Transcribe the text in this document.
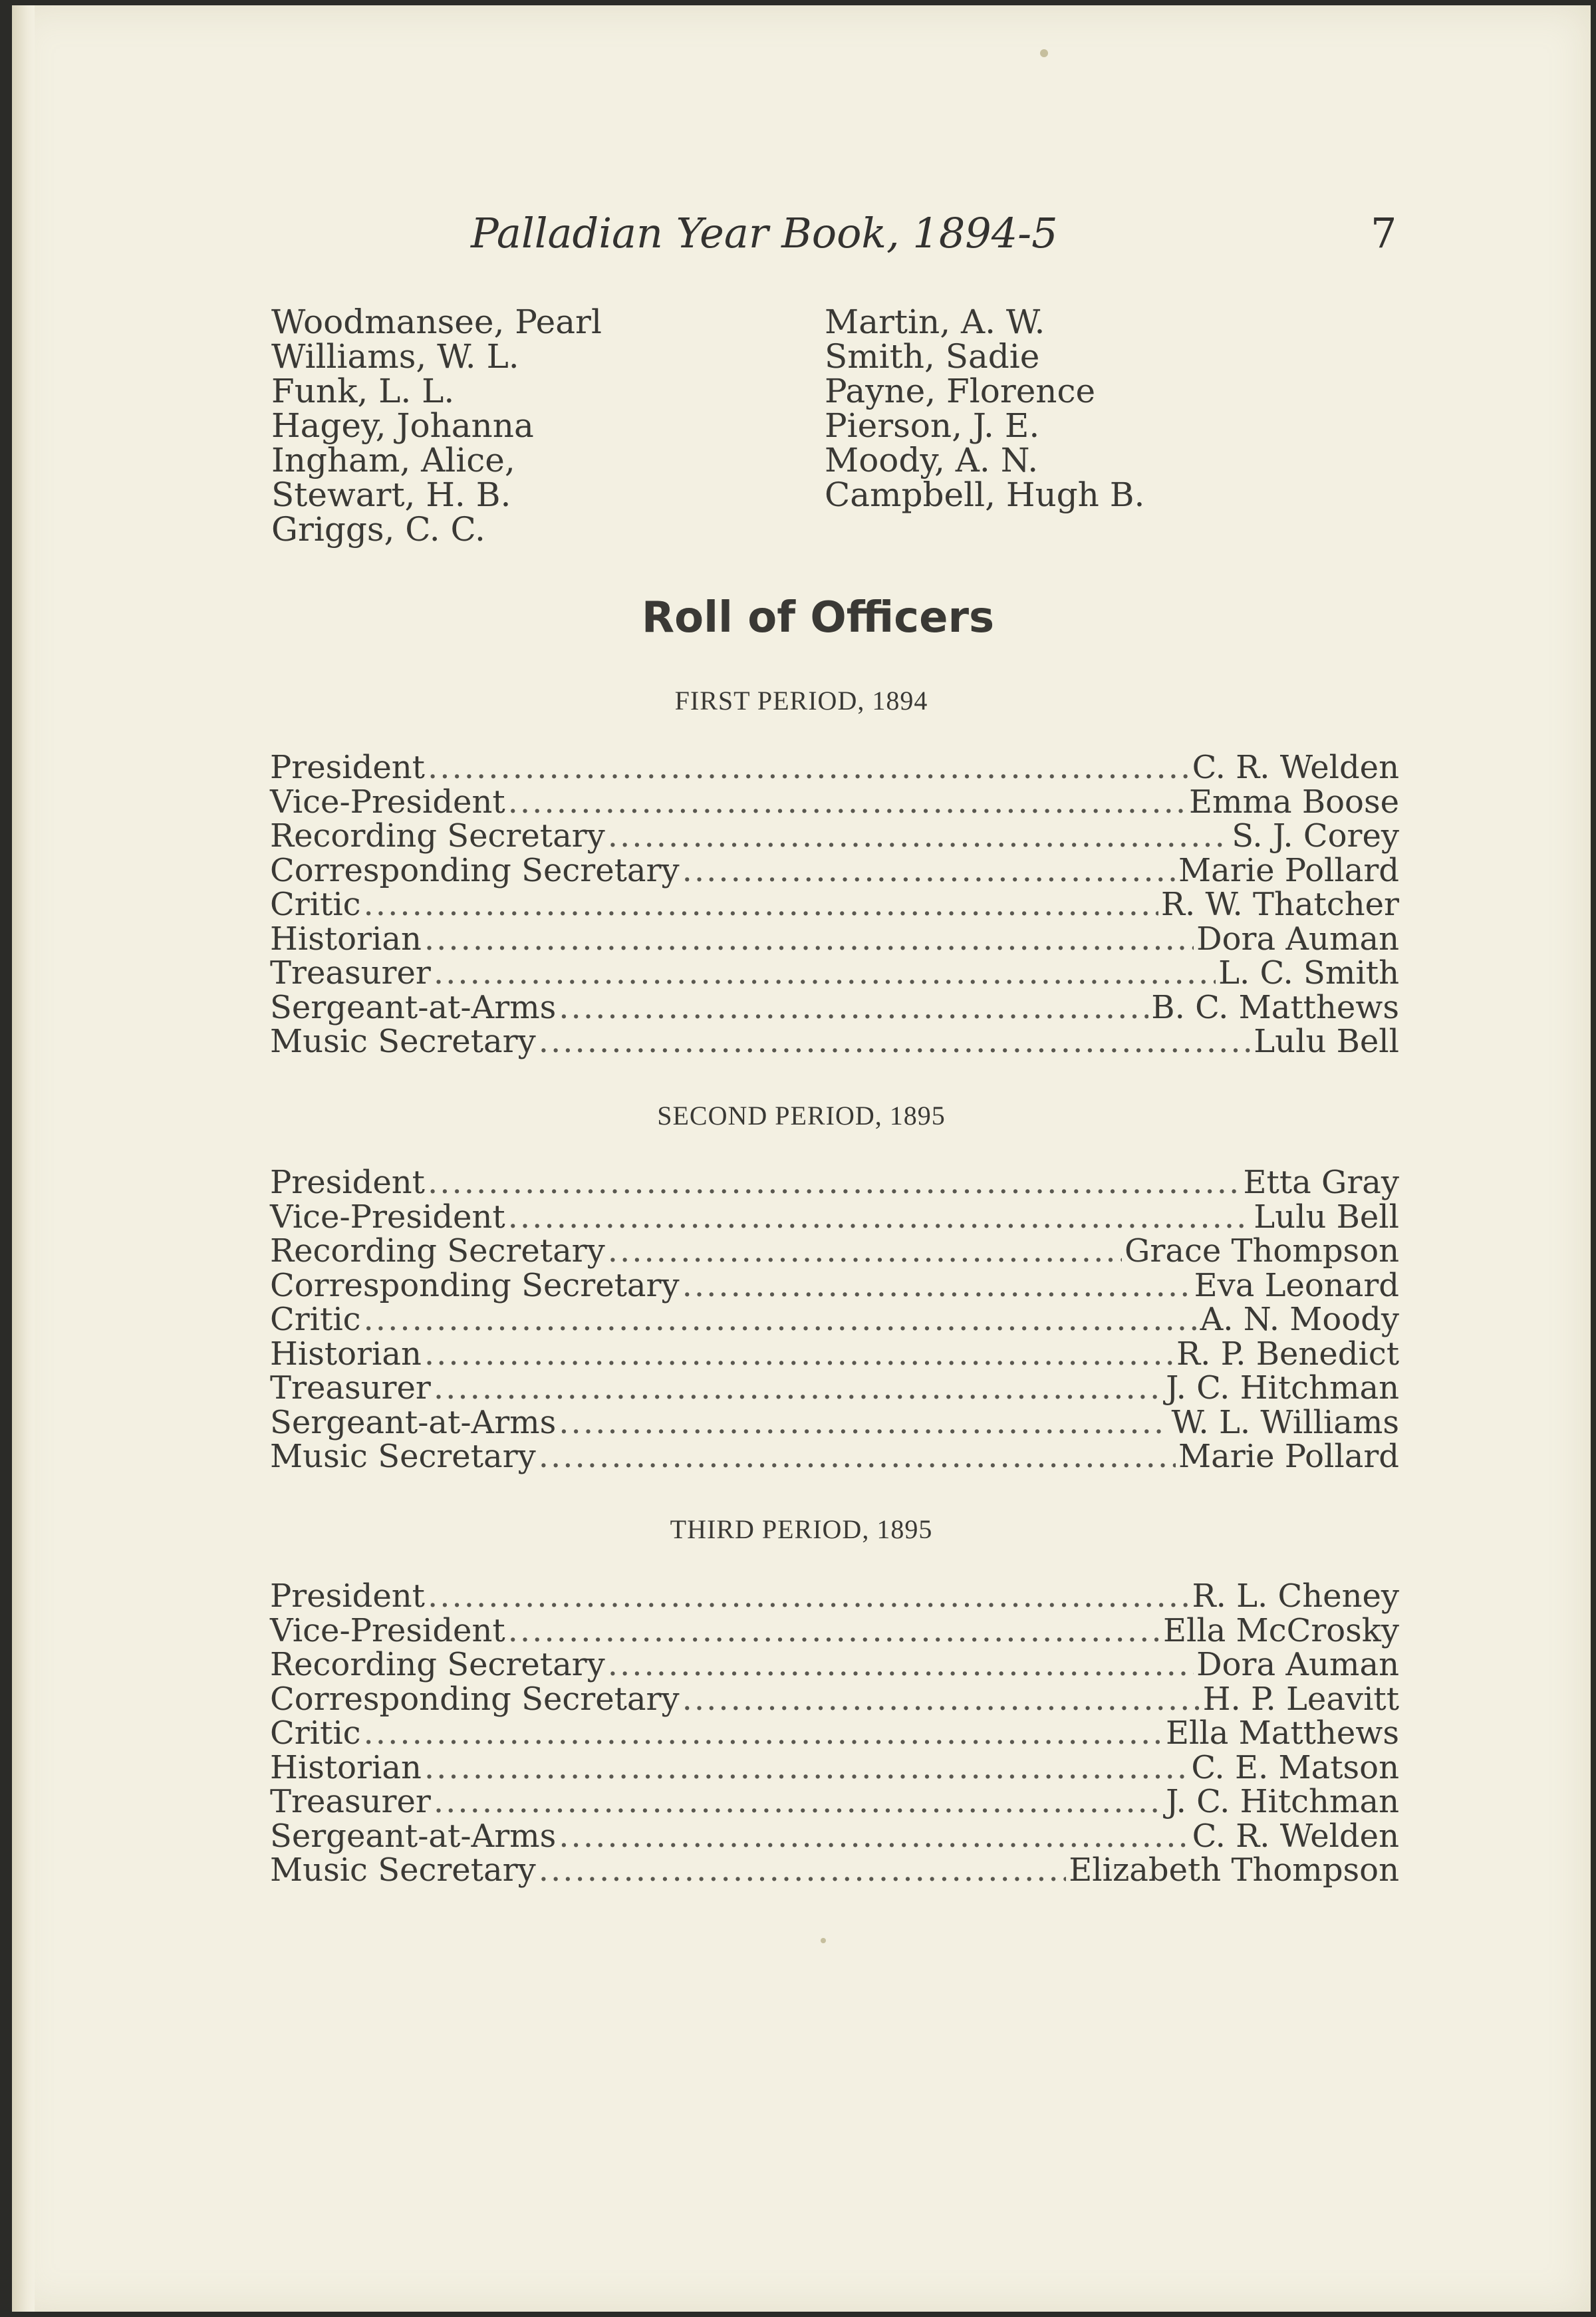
Palladian Year Book, 1894-5	7
Woodmansee, Pearl
Williams, W. L.
Funk, L. L.
Hagey, Johanna
Ingham, Alice,
Stewart, H. B.
Griggs, C. C.
Martin, A. W.
Smith, Sadie
Payne, Florence
Pierson, J. E.
Moody, A. N.
Campbell, Hugh B.
Roll of Officers
FIRST PERIOD, 1894
President .....	C. R. Welden
Vice-President .....	Emma Boose
Recording Secretary .....	S. J. Corey
Corresponding Secretary .....	Marie Pollard
Critic .....	R. W. Thatcher
Historian .....	Dora Auman
Treasurer .....	L. C. Smith
Sergeant-at-Arms .....	B. C. Matthews
Music Secretary .....	Lulu Bell
SECOND PERIOD, 1895
President .....	Etta Gray
Vice-President .....	Lulu Bell
Recording Secretary .....	Grace Thompson
Corresponding Secretary .....	Eva Leonard
Critic .....	A. N. Moody
Historian .....	R. P. Benedict
Treasurer .....	J. C. Hitchman
Sergeant-at-Arms .....	W. L. Williams
Music Secretary .....	Marie Pollard
THIRD PERIOD, 1895
President .....	R. L. Cheney
Vice-President .....	Ella McCrosky
Recording Secretary .....	Dora Auman
Corresponding Secretary .....	H. P. Leavitt
Critic .....	Ella Matthews
Historian .....	C. E. Matson
Treasurer .....	J. C. Hitchman
Sergeant-at-Arms .....	C. R. Welden
Music Secretary .....	Elizabeth Thompson
